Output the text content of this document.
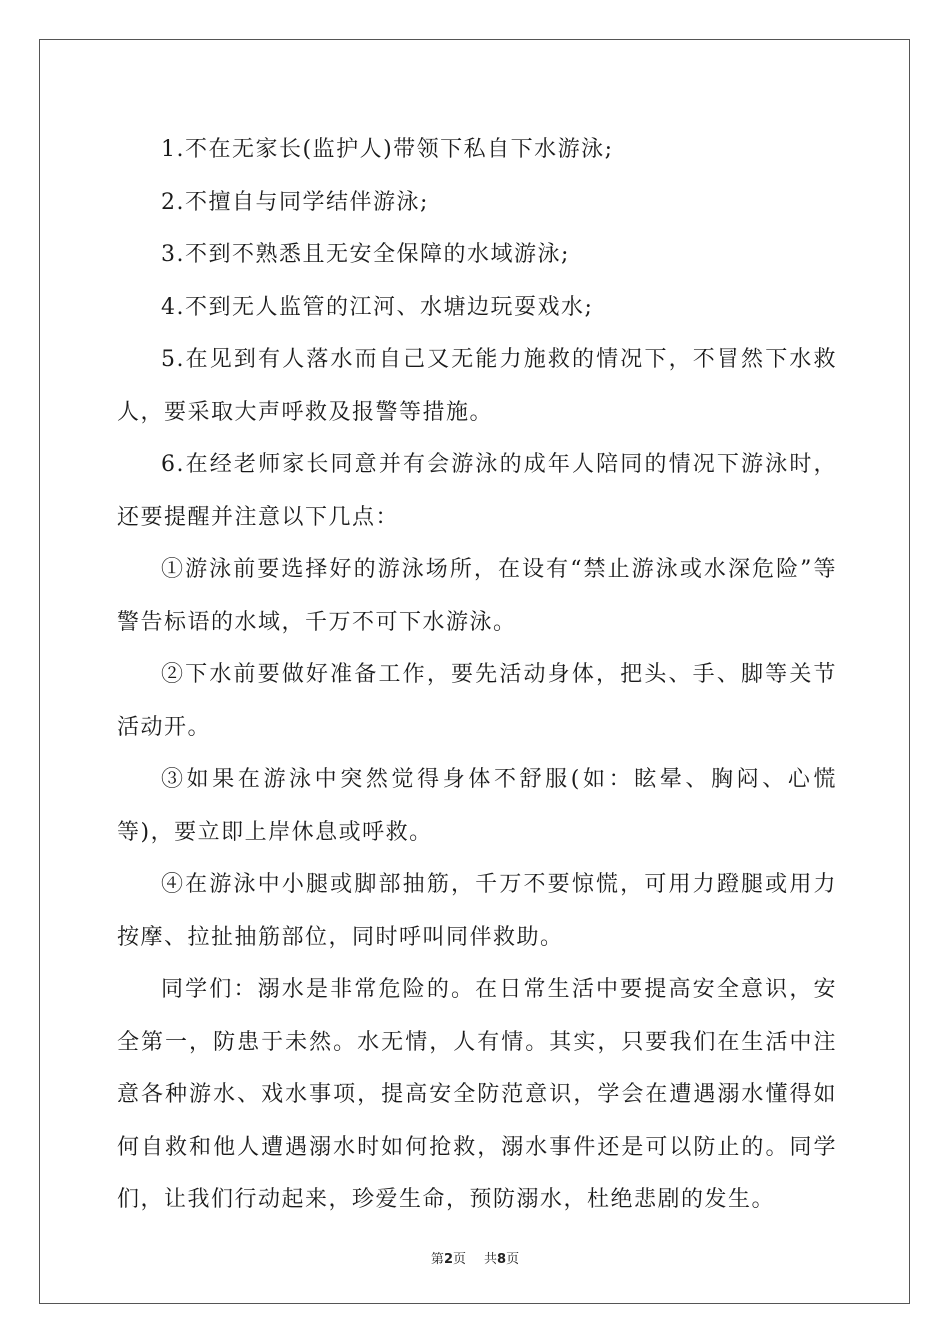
1.不在无家长(监护人)带领下私自下水游泳;

2.不擅自与同学结伴游泳;

3.不到不熟悉且无安全保障的水域游泳;

4.不到无人监管的江河、水塘边玩耍戏水;

5.在见到有人落水而自己又无能力施救的情况下，不冒然下水救人，要采取大声呼救及报警等措施。

6.在经老师家长同意并有会游泳的成年人陪同的情况下游泳时，还要提醒并注意以下几点：

①游泳前要选择好的游泳场所，在设有“禁止游泳或水深危险”等警告标语的水域，千万不可下水游泳。

②下水前要做好准备工作，要先活动身体，把头、手、脚等关节活动开。

③如果在游泳中突然觉得身体不舒服(如：眩晕、胸闷、心慌等)，要立即上岸休息或呼救。

④在游泳中小腿或脚部抽筋，千万不要惊慌，可用力蹬腿或用力按摩、拉扯抽筋部位，同时呼叫同伴救助。

同学们：溺水是非常危险的。在日常生活中要提高安全意识，安全第一，防患于未然。水无情，人有情。其实，只要我们在生活中注意各种游水、戏水事项，提高安全防范意识，学会在遭遇溺水懂得如何自救和他人遭遇溺水时如何抢救，溺水事件还是可以防止的。同学们，让我们行动起来，珍爱生命，预防溺水，杜绝悲剧的发生。

第2页 共8页
